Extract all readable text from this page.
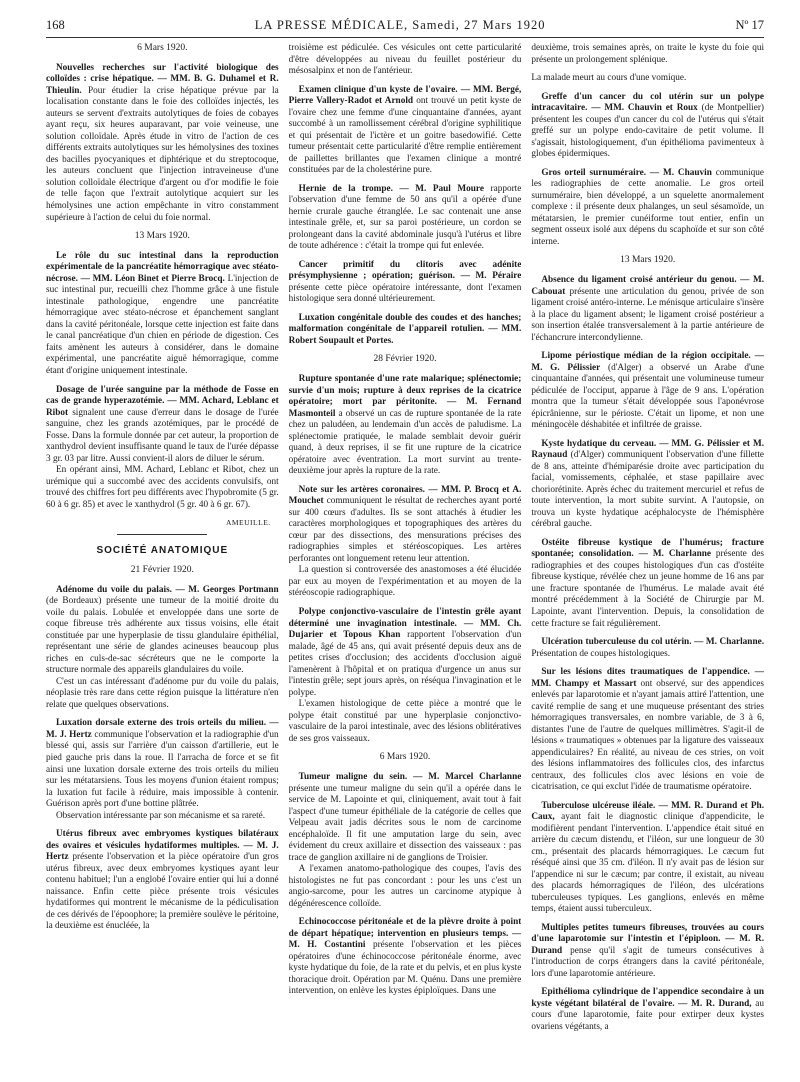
168	LA PRESSE MÉDICALE, Samedi, 27 Mars 1920	Nº 17
6 Mars 1920.

Nouvelles recherches sur l'activité biologique des colloïdes : crise hépatique. — MM. B. G. Duhamel et R. Thieulin. Pour étudier la crise hépatique prévue par la localisation constante dans le foie des colloïdes injectés, les auteurs se servent d'extraits autolytiques de foies de cobayes ayant reçu, six heures auparavant, par voie veineuse, une solution colloïdale. Après étude in vitro de l'action de ces différents extraits autolytiques sur les hémolysines des toxines des bacilles pyocyaniques et diphtérique et du streptocoque, les auteurs concluent que l'injection intraveineuse d'une solution colloïdale électrique d'argent ou d'or modifie le foie de telle façon que l'extrait autolytique acquiert sur les hémolysines une action empêchante in vitro constamment supérieure à l'action de celui du foie normal.

13 Mars 1920.

Le rôle du suc intestinal dans la reproduction expérimentale de la pancréatite hémorragique avec stéato-nécrose. — MM. Léon Binet et Pierre Brocq. L'injection de suc intestinal pur, recueilli chez l'homme grâce à une fistule intestinale pathologique, engendre une pancréatite hémorragique avec stéato-nécrose et épanchement sanglant dans la cavité péritonéale, lorsque cette injection est faite dans le canal pancréatique d'un chien en période de digestion. Ces faits amènent les auteurs à considérer, dans le domaine expérimental, une pancréatite aiguë hémorragique, comme étant d'origine uniquement intestinale.

Dosage de l'urée sanguine par la méthode de Fosse en cas de grande hyperazotémie. — MM. Achard, Leblanc et Ribot signalent une cause d'erreur dans le dosage de l'urée sanguine, chez les grands azotémiques, par le procédé de Fosse. Dans la formule donnée par cet auteur, la proportion de xanthydrol devient insuffisante quand le taux de l'urée dépasse 3 gr. 03 par litre. Aussi convient-il alors de diluer le sérum.

En opérant ainsi, MM. Achard, Leblanc et Ribot, chez un urémique qui a succombé avec des accidents convulsifs, ont trouvé des chiffres fort peu différents avec l'hypobromite (5 gr. 60 à 6 gr. 85) et avec le xanthydrol (5 gr. 40 à 6 gr. 67).

AMEUILLE.
SOCIÉTÉ ANATOMIQUE
21 Février 1920.

Adénome du voile du palais. — M. Georges Portmann (de Bordeaux) présente une tumeur de la moitié droite du voile du palais. Lobulée et enveloppée dans une sorte de coque fibreuse très adhérente aux tissus voisins, elle était constituée par une hyperplasie de tissu glandulaire épithélial, représentant une série de glandes acineuses beaucoup plus riches en culs-de-sac sécréteurs que ne le comporte la structure normale des appareils glandulaires du voile.

C'est un cas intéressant d'adénome pur du voile du palais, néoplasie très rare dans cette région puisque la littérature n'en relate que quelques observations.

Luxation dorsale externe des trois orteils du milieu. — M. J. Hertz communique l'observation et la radiographie d'un blessé qui, assis sur l'arrière d'un caisson d'artillerie, eut le pied gauche pris dans la roue. Il l'arracha de force et se fit ainsi une luxation dorsale externe des trois orteils du milieu sur les métatarsiens. Tous les moyens d'union étaient rompus; la luxation fut facile à réduire, mais impossible à contenir. Guérison après port d'une bottine plâtrée.

Observation intéressante par son mécanisme et sa rareté.

Utérus fibreux avec embryomes kystiques bilatéraux des ovaires et vésicules hydatiformes multiples. — M. J. Hertz présente l'observation et la pièce opératoire d'un gros utérus fibreux, avec deux embryomes kystiques ayant leur contenu habituel; l'un a englobé l'ovaire entier qui lui a donné naissance. Enfin cette pièce présente trois vésicules hydatiformes qui montrent le mécanisme de la pédiculisation de ces dérivés de l'époophore; la première soulève le péritoine, la deuxième est énucléée, la

troisième est pédiculée. Ces vésicules ont cette particularité d'être développées au niveau du feuillet postérieur du mésosalpinx et non de l'antérieur.

Examen clinique d'un kyste de l'ovaire. — MM. Bergé, Pierre Vallery-Radot et Arnold ont trouvé un petit kyste de l'ovaire chez une femme d'une cinquantaine d'années, ayant succombé à un ramollissement cérébral d'origine syphilitique et qui présentait de l'ictère et un goitre basedowifié. Cette tumeur présentait cette particularité d'être remplie entièrement de paillettes brillantes que l'examen clinique a montré constituées par de la cholestérine pure.

Hernie de la trompe. — M. Paul Moure rapporte l'observation d'une femme de 50 ans qu'il a opérée d'une hernie crurale gauche étranglée. Le sac contenait une anse intestinale grêle, et, sur sa paroi postérieure, un cordon se prolongeant dans la cavité abdominale jusqu'à l'utérus et libre de toute adhérence : c'était la trompe qui fut enlevée.

Cancer primitif du clitoris avec adénite présymphysienne ; opération; guérison. — M. Péraire présente cette pièce opératoire intéressante, dont l'examen histologique sera donné ultérieurement.

Luxation congénitale double des coudes et des hanches; malformation congénitale de l'appareil rotulien. — MM. Robert Soupault et Portes.

28 Février 1920.

Rupture spontanée d'une rate malarique; splénectomie; survie d'un mois; rupture à deux reprises de la cicatrice opératoire; mort par péritonite. — M. Fernand Masmonteil a observé un cas de rupture spontanée de la rate chez un paludéen, au lendemain d'un accès de paludisme. La splénectomie pratiquée, le malade semblait devoir guérir quand, à deux reprises, il se fit une rupture de la cicatrice opératoire avec éventration. La mort survint au trente-deuxième jour après la rupture de la rate.

Note sur les artères coronaires. — MM. P. Brocq et A. Mouchet communiquent le résultat de recherches ayant porté sur 400 cœurs d'adultes. Ils se sont attachés à étudier les caractères morphologiques et topographiques des artères du cœur par des dissections, des mensurations précises des radiographies simples et stéréoscopiques. Les artères perforantes ont longuement retenu leur attention.

La question si controversée des anastomoses a été élucidée par eux au moyen de l'expérimentation et au moyen de la stéréoscopie radiographique.

Polype conjonctivo-vasculaire de l'intestin grêle ayant déterminé une invagination intestinale. — MM. Ch. Dujarier et Topous Khan rapportent l'observation d'un malade, âgé de 45 ans, qui avait présenté depuis deux ans de petites crises d'occlusion; des accidents d'occlusion aiguë l'amenèrent à l'hôpital et on pratiqua d'urgence un anus sur l'intestin grêle; sept jours après, on réséqua l'invagination et le polype.

L'examen histologique de cette pièce a montré que le polype était constitué par une hyperplasie conjonctivo-vasculaire de la paroi intestinale, avec des lésions oblitératives de ses gros vaisseaux.

6 Mars 1920.

Tumeur maligne du sein. — M. Marcel Charlanne présente une tumeur maligne du sein qu'il a opérée dans le service de M. Lapointe et qui, cliniquement, avait tout à fait l'aspect d'une tumeur épithéliale de la catégorie de celles que Velpeau avait jadis décrites sous le nom de carcinome encéphaloïde. Il fit une amputation large du sein, avec évidement du creux axillaire et dissection des vaisseaux : pas trace de ganglion axillaire ni de ganglions de Troisier.

A l'examen anatomo-pathologique des coupes, l'avis des histologistes ne fut pas concordant : pour les uns c'est un angio-sarcome, pour les autres un carcinome atypique à dégénérescence colloïde.

Echinococcose péritonéale et de la plèvre droite à point de départ hépatique; intervention en plusieurs temps. — M. H. Costantini présente l'observation et les pièces opératoires d'une échinococcose péritonéale énorme, avec kyste hydatique du foie, de la rate et du pelvis, et en plus kyste thoracique droit. Opération par M. Quénu. Dans une première intervention, on enlève les kystes épiploïques. Dans une

deuxième, trois semaines après, on traite le kyste du foie qui présente un prolongement splénique.

La malade meurt au cours d'une vomique.

Greffe d'un cancer du col utérin sur un polype intracavitaire. — MM. Chauvin et Roux (de Montpellier) présentent les coupes d'un cancer du col de l'utérus qui s'était greffé sur un polype endo-cavitaire de petit volume. Il s'agissait, histologiquement, d'un épithélioma pavimenteux à globes épidermiques.

Gros orteil surnuméraire. — M. Chauvin communique les radiographies de cette anomalie. Le gros orteil surnuméraire, bien développé, a un squelette anormalement complexe : il présente deux phalanges, un seul sésamoïde, un métatarsien, le premier cunéiforme tout entier, enfin un segment osseux isolé aux dépens du scaphoïde et sur son côté interne.

13 Mars 1920.

Absence du ligament croisé antérieur du genou. — M. Cabouat présente une articulation du genou, privée de son ligament croisé antéro-interne. Le ménisque articulaire s'insère à la place du ligament absent; le ligament croisé postérieur a son insertion étalée transversalement à la partie antérieure de l'échancrure intercondylienne.

Lipome périostique médian de la région occipitale. — M. G. Pélissier (d'Alger) a observé un Arabe d'une cinquantaine d'années, qui présentait une volumineuse tumeur pédiculée de l'occiput, apparue à l'âge de 9 ans. L'opération montra que la tumeur s'était développée sous l'aponévrose épicrânienne, sur le périoste. C'était un lipome, et non une méningocèle déshabitée et infiltrée de graisse.

Kyste hydatique du cerveau. — MM. G. Pélissier et M. Raynaud (d'Alger) communiquent l'observation d'une fillette de 8 ans, atteinte d'hémiparésie droite avec participation du facial, vomissements, céphalée, et stase papillaire avec choriorétinite. Après échec du traitement mercuriel et refus de toute intervention, la mort subite survint. A l'autopsie, on trouva un kyste hydatique acéphalocyste de l'hémisphère cérébral gauche.

Ostéite fibreuse kystique de l'humérus; fracture spontanée; consolidation. — M. Charlanne présente des radiographies et des coupes histologiques d'un cas d'ostéite fibreuse kystique, révélée chez un jeune homme de 16 ans par une fracture spontanée de l'humérus. Le malade avait été montré précédemment à la Société de Chirurgie par M. Lapointe, avant l'intervention. Depuis, la consolidation de cette fracture se fait régulièrement.

Ulcération tuberculeuse du col utérin. — M. Charlanne. Présentation de coupes histologiques.

Sur les lésions dites traumatiques de l'appendice. — MM. Champy et Massart ont observé, sur des appendices enlevés par laparotomie et n'ayant jamais attiré l'attention, une cavité remplie de sang et une muqueuse présentant des stries hémorragiques transversales, en nombre variable, de 3 à 6, distantes l'une de l'autre de quelques millimètres. S'agit-il de lésions « traumatiques » obtenues par la ligature des vaisseaux appendiculaires? En réalité, au niveau de ces stries, on voit des lésions inflammatoires des follicules clos, des infarctus centraux, des follicules clos avec lésions en voie de cicatrisation, ce qui exclut l'idée de traumatisme opératoire.

Tuberculose ulcéreuse iléale. — MM. R. Durand et Ph. Caux, ayant fait le diagnostic clinique d'appendicite, le modifièrent pendant l'intervention. L'appendice était situé en arrière du cæcum distendu, et l'iléon, sur une longueur de 30 cm., présentait des placards hémorragiques. Le cæcum fut réséqué ainsi que 35 cm. d'iléon. Il n'y avait pas de lésion sur l'appendice ni sur le cæcum; par contre, il existait, au niveau des placards hémorragiques de l'iléon, des ulcérations tuberculeuses typiques. Les ganglions, enlevés en même temps, étaient aussi tuberculeux.

Multiples petites tumeurs fibreuses, trouvées au cours d'une laparotomie sur l'intestin et l'épiploon. — M. R. Durand pense qu'il s'agit de tumeurs consécutives à l'introduction de corps étrangers dans la cavité péritonéale, lors d'une laparotomie antérieure.

Epithélioma cylindrique de l'appendice secondaire à un kyste végétant bilatéral de l'ovaire. — M. R. Durand, au cours d'une laparotomie, faite pour extirper deux kystes ovariens végétants, a
